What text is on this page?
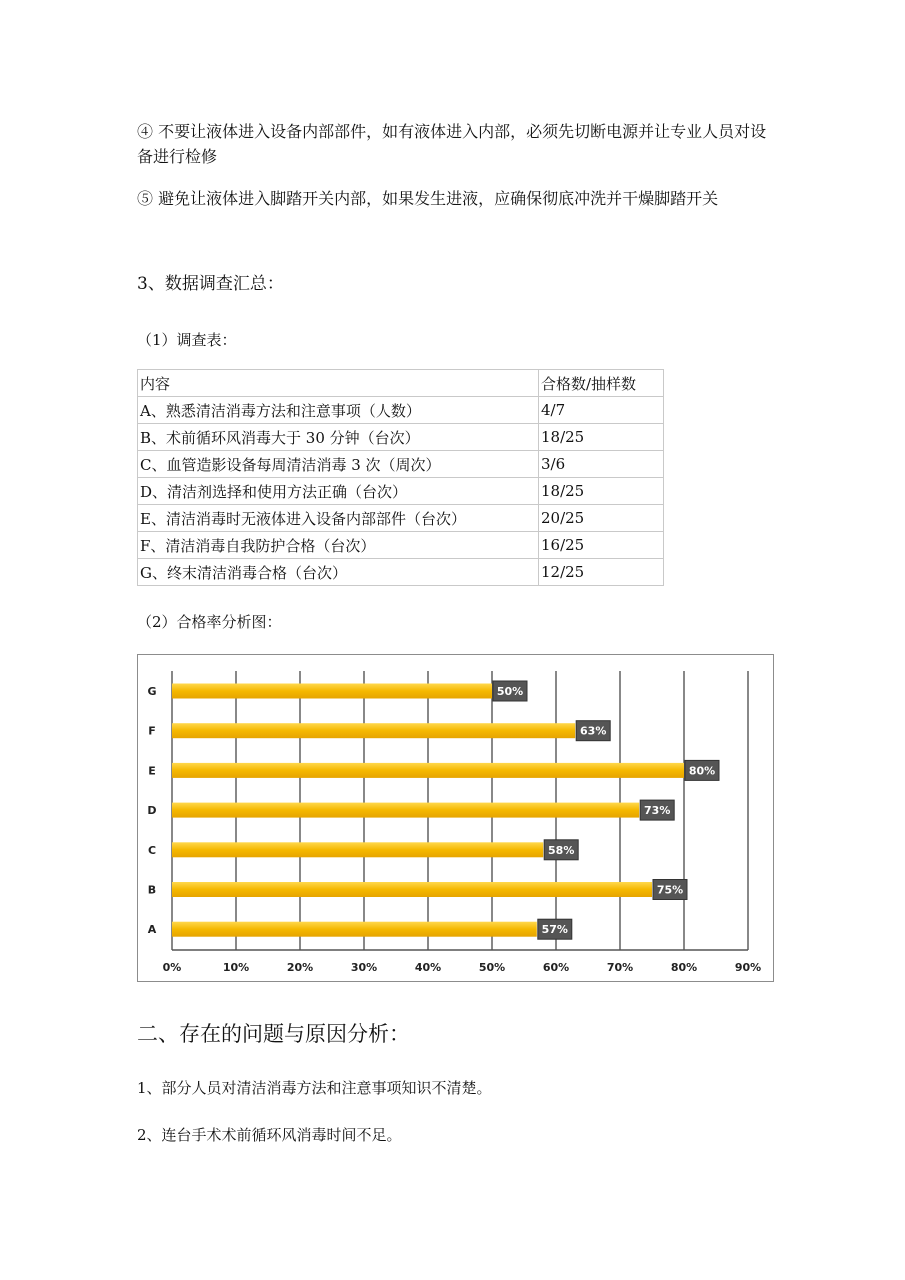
④ 不要让液体进入设备内部部件，如有液体进入内部，必须先切断电源并让专业人员对设备进行检修

⑤ 避免让液体进入脚踏开关内部，如果发生进液，应确保彻底冲洗并干燥脚踏开关

3、数据调查汇总：

（1）调查表：

内容	合格数/抽样数
A、熟悉清洁消毒方法和注意事项（人数）	4/7
B、术前循环风消毒大于 30 分钟（台次）	18/25
C、血管造影设备每周清洁消毒 3 次（周次）	3/6
D、清洁剂选择和使用方法正确（台次）	18/25
E、清洁消毒时无液体进入设备内部部件（台次）	20/25
F、清洁消毒自我防护合格（台次）	16/25
G、终末清洁消毒合格（台次）	12/25

（2）合格率分析图：

0%	10%	20%	30%	40%	50%	60%	70%	80%	90%
G	50%
F	63%
E	80%
D	73%
C	58%
B	75%
A	57%
二、存在的问题与原因分析：

1、部分人员对清洁消毒方法和注意事项知识不清楚。

2、连台手术术前循环风消毒时间不足。
